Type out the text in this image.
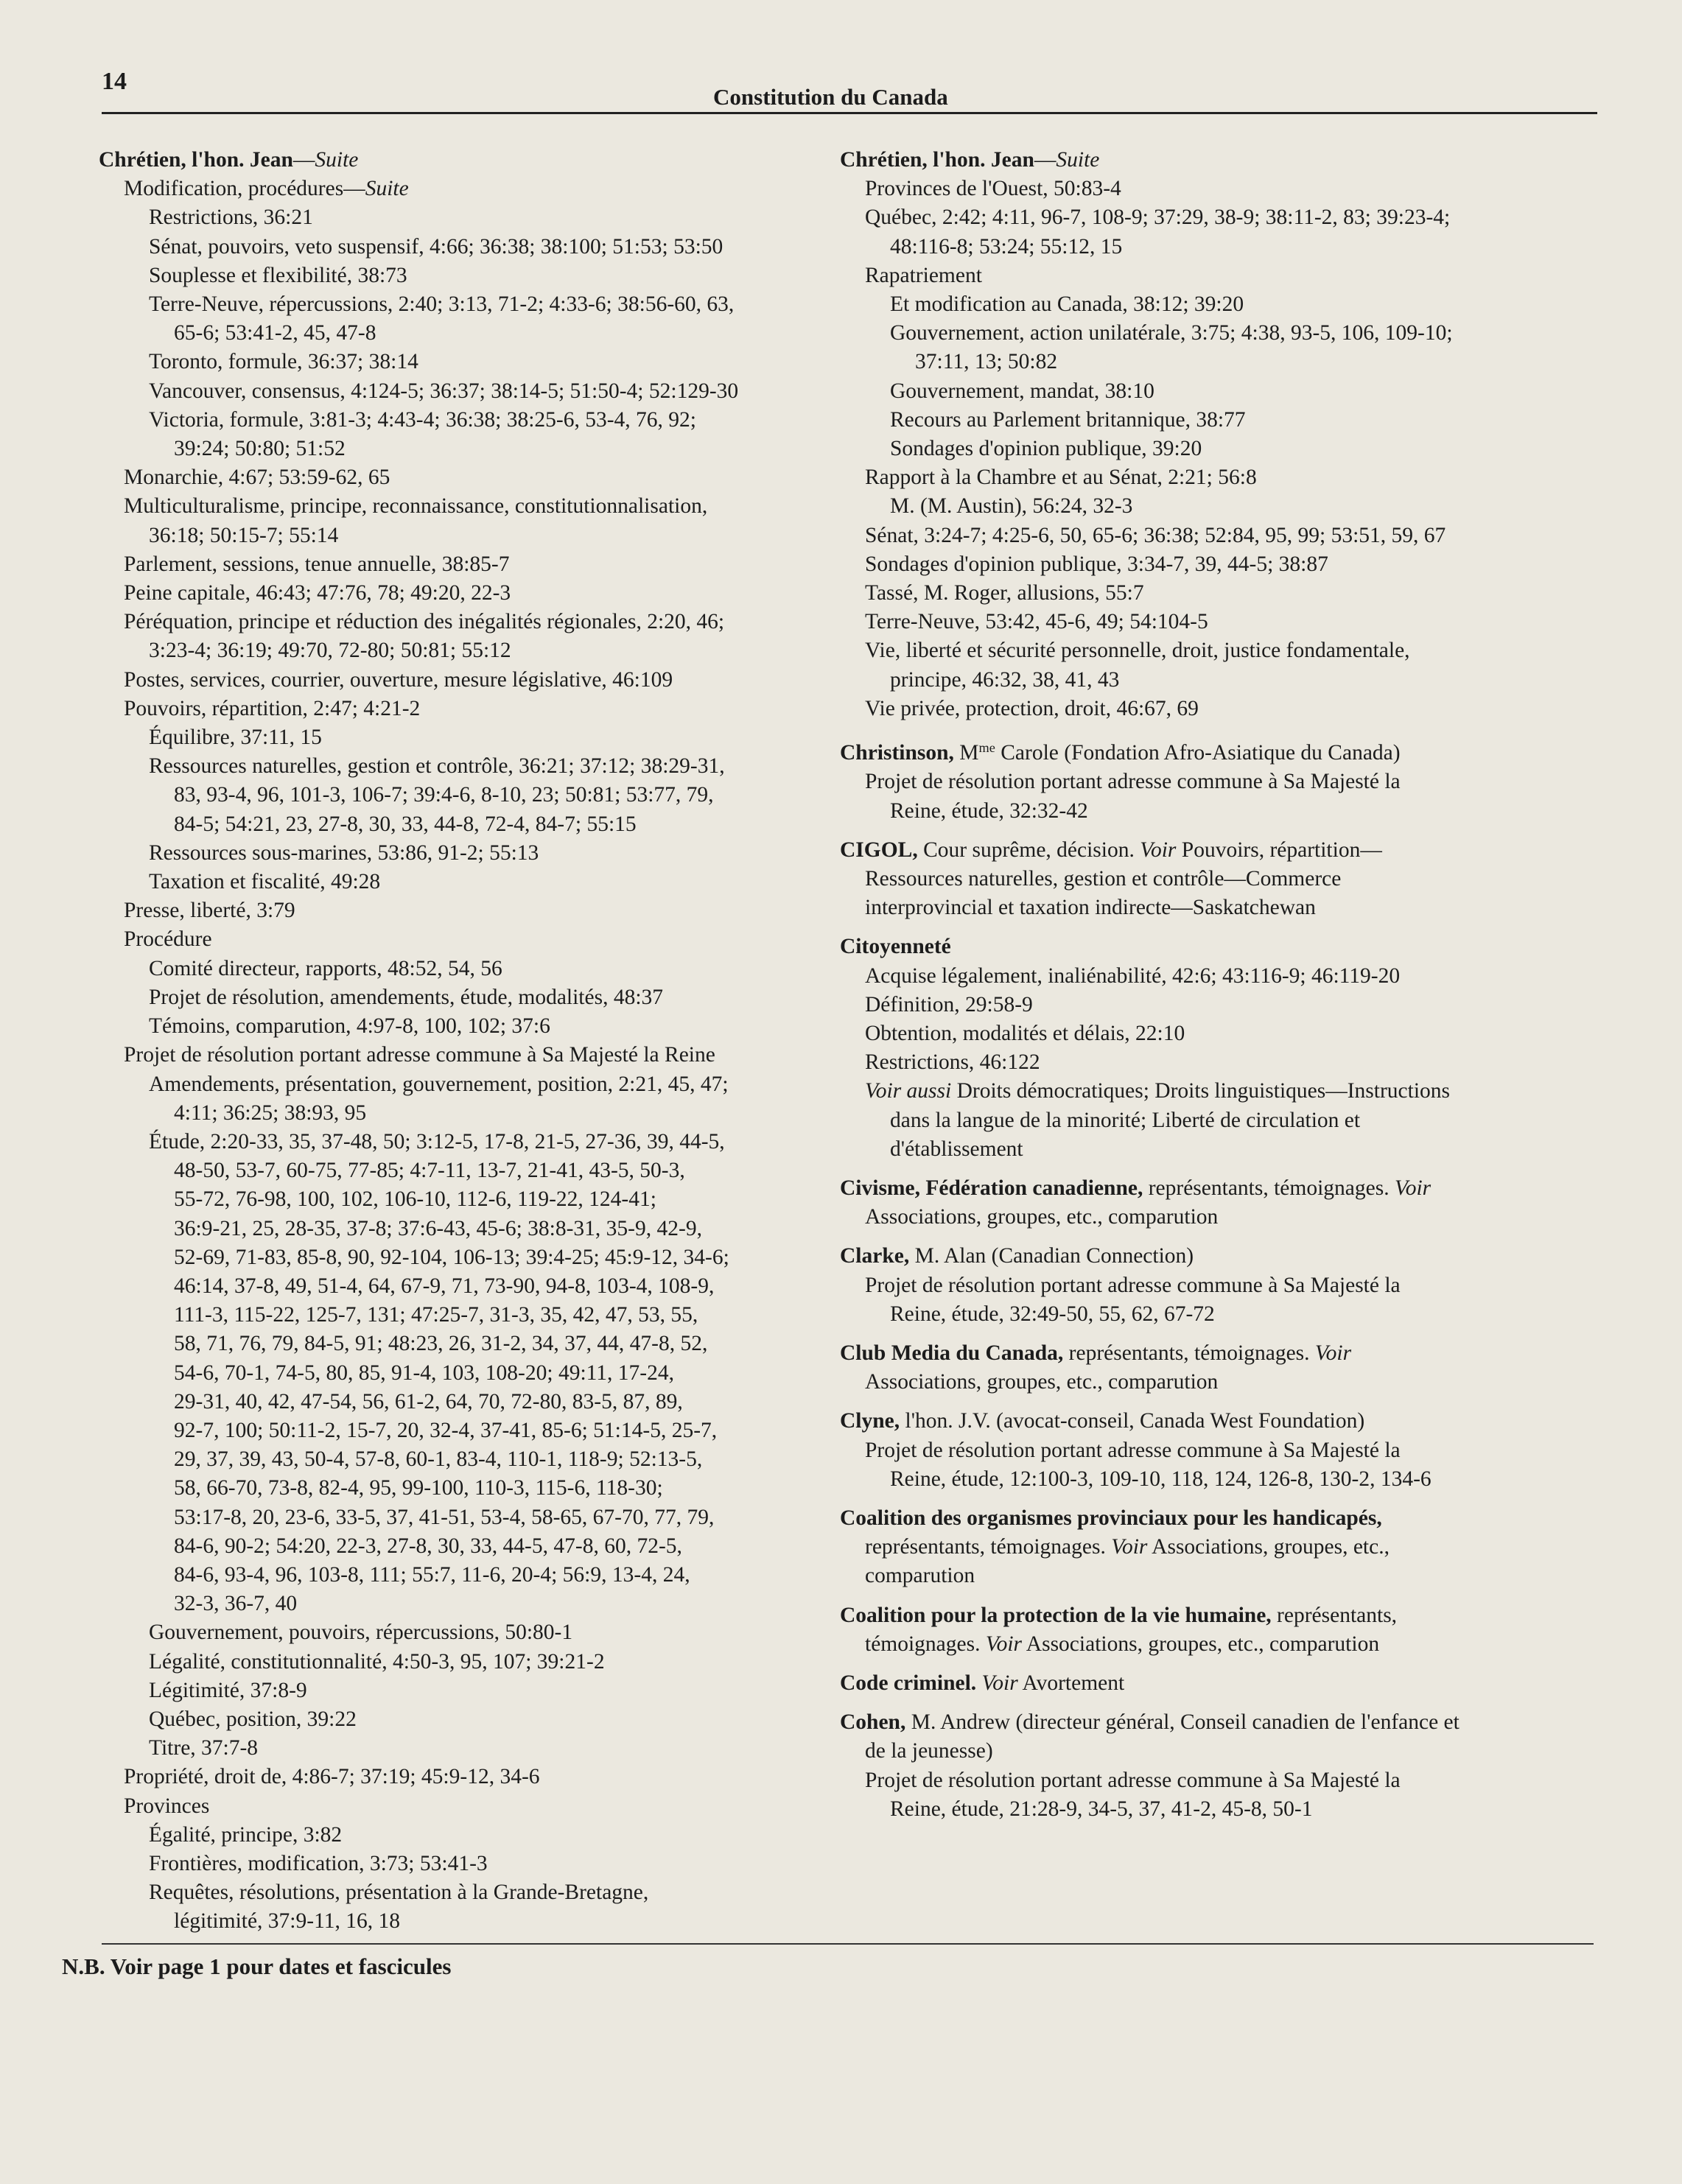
14
Constitution du Canada
Chrétien, l'hon. Jean—Suite
Modification, procédures—Suite
Restrictions, 36:21
Sénat, pouvoirs, veto suspensif, 4:66; 36:38; 38:100; 51:53; 53:50
Souplesse et flexibilité, 38:73
Terre-Neuve, répercussions, 2:40; 3:13, 71-2; 4:33-6; 38:56-60, 63,
65-6; 53:41-2, 45, 47-8
Toronto, formule, 36:37; 38:14
Vancouver, consensus, 4:124-5; 36:37; 38:14-5; 51:50-4; 52:129-30
Victoria, formule, 3:81-3; 4:43-4; 36:38; 38:25-6, 53-4, 76, 92;
39:24; 50:80; 51:52
Monarchie, 4:67; 53:59-62, 65
Multiculturalisme, principe, reconnaissance, constitutionnalisation,
36:18; 50:15-7; 55:14
Parlement, sessions, tenue annuelle, 38:85-7
Peine capitale, 46:43; 47:76, 78; 49:20, 22-3
Péréquation, principe et réduction des inégalités régionales, 2:20, 46;
3:23-4; 36:19; 49:70, 72-80; 50:81; 55:12
Postes, services, courrier, ouverture, mesure législative, 46:109
Pouvoirs, répartition, 2:47; 4:21-2
Équilibre, 37:11, 15
Ressources naturelles, gestion et contrôle, 36:21; 37:12; 38:29-31,
83, 93-4, 96, 101-3, 106-7; 39:4-6, 8-10, 23; 50:81; 53:77, 79,
84-5; 54:21, 23, 27-8, 30, 33, 44-8, 72-4, 84-7; 55:15
Ressources sous-marines, 53:86, 91-2; 55:13
Taxation et fiscalité, 49:28
Presse, liberté, 3:79
Procédure
Comité directeur, rapports, 48:52, 54, 56
Projet de résolution, amendements, étude, modalités, 48:37
Témoins, comparution, 4:97-8, 100, 102; 37:6
Projet de résolution portant adresse commune à Sa Majesté la Reine
Amendements, présentation, gouvernement, position, 2:21, 45, 47;
4:11; 36:25; 38:93, 95
Étude, 2:20-33, 35, 37-48, 50; 3:12-5, 17-8, 21-5, 27-36, 39, 44-5,
48-50, 53-7, 60-75, 77-85; 4:7-11, 13-7, 21-41, 43-5, 50-3,
55-72, 76-98, 100, 102, 106-10, 112-6, 119-22, 124-41;
36:9-21, 25, 28-35, 37-8; 37:6-43, 45-6; 38:8-31, 35-9, 42-9,
52-69, 71-83, 85-8, 90, 92-104, 106-13; 39:4-25; 45:9-12, 34-6;
46:14, 37-8, 49, 51-4, 64, 67-9, 71, 73-90, 94-8, 103-4, 108-9,
111-3, 115-22, 125-7, 131; 47:25-7, 31-3, 35, 42, 47, 53, 55,
58, 71, 76, 79, 84-5, 91; 48:23, 26, 31-2, 34, 37, 44, 47-8, 52,
54-6, 70-1, 74-5, 80, 85, 91-4, 103, 108-20; 49:11, 17-24,
29-31, 40, 42, 47-54, 56, 61-2, 64, 70, 72-80, 83-5, 87, 89,
92-7, 100; 50:11-2, 15-7, 20, 32-4, 37-41, 85-6; 51:14-5, 25-7,
29, 37, 39, 43, 50-4, 57-8, 60-1, 83-4, 110-1, 118-9; 52:13-5,
58, 66-70, 73-8, 82-4, 95, 99-100, 110-3, 115-6, 118-30;
53:17-8, 20, 23-6, 33-5, 37, 41-51, 53-4, 58-65, 67-70, 77, 79,
84-6, 90-2; 54:20, 22-3, 27-8, 30, 33, 44-5, 47-8, 60, 72-5,
84-6, 93-4, 96, 103-8, 111; 55:7, 11-6, 20-4; 56:9, 13-4, 24,
32-3, 36-7, 40
Gouvernement, pouvoirs, répercussions, 50:80-1
Légalité, constitutionnalité, 4:50-3, 95, 107; 39:21-2
Légitimité, 37:8-9
Québec, position, 39:22
Titre, 37:7-8
Propriété, droit de, 4:86-7; 37:19; 45:9-12, 34-6
Provinces
Égalité, principe, 3:82
Frontières, modification, 3:73; 53:41-3
Requêtes, résolutions, présentation à la Grande-Bretagne,
légitimité, 37:9-11, 16, 18
Chrétien, l'hon. Jean—Suite
Provinces de l'Ouest, 50:83-4
Québec, 2:42; 4:11, 96-7, 108-9; 37:29, 38-9; 38:11-2, 83; 39:23-4;
48:116-8; 53:24; 55:12, 15
Rapatriement
Et modification au Canada, 38:12; 39:20
Gouvernement, action unilatérale, 3:75; 4:38, 93-5, 106, 109-10;
37:11, 13; 50:82
Gouvernement, mandat, 38:10
Recours au Parlement britannique, 38:77
Sondages d'opinion publique, 39:20
Rapport à la Chambre et au Sénat, 2:21; 56:8
M. (M. Austin), 56:24, 32-3
Sénat, 3:24-7; 4:25-6, 50, 65-6; 36:38; 52:84, 95, 99; 53:51, 59, 67
Sondages d'opinion publique, 3:34-7, 39, 44-5; 38:87
Tassé, M. Roger, allusions, 55:7
Terre-Neuve, 53:42, 45-6, 49; 54:104-5
Vie, liberté et sécurité personnelle, droit, justice fondamentale,
principe, 46:32, 38, 41, 43
Vie privée, protection, droit, 46:67, 69
Christinson, $M^{me}$ Carole (Fondation Afro-Asiatique du Canada)
Projet de résolution portant adresse commune à Sa Majesté la
Reine, étude, 32:32-42
CIGOL, Cour suprême, décision. Voir Pouvoirs, répartition—
Ressources naturelles, gestion et contrôle—Commerce
interprovincial et taxation indirecte—Saskatchewan
Citoyenneté
Acquise légalement, inaliénabilité, 42:6; 43:116-9; 46:119-20
Définition, 29:58-9
Obtention, modalités et délais, 22:10
Restrictions, 46:122
Voir aussi Droits démocratiques; Droits linguistiques—Instructions
dans la langue de la minorité; Liberté de circulation et
d'établissement
Civisme, Fédération canadienne, représentants, témoignages. Voir
Associations, groupes, etc., comparution
Clarke, M. Alan (Canadian Connection)
Projet de résolution portant adresse commune à Sa Majesté la
Reine, étude, 32:49-50, 55, 62, 67-72
Club Media du Canada, représentants, témoignages. Voir
Associations, groupes, etc., comparution
Clyne, l'hon. J.V. (avocat-conseil, Canada West Foundation)
Projet de résolution portant adresse commune à Sa Majesté la
Reine, étude, 12:100-3, 109-10, 118, 124, 126-8, 130-2, 134-6
Coalition des organismes provinciaux pour les handicapés,
représentants, témoignages. Voir Associations, groupes, etc.,
comparution
Coalition pour la protection de la vie humaine, représentants,
témoignages. Voir Associations, groupes, etc., comparution
Code criminel. Voir Avortement
Cohen, M. Andrew (directeur général, Conseil canadien de l'enfance et
de la jeunesse)
Projet de résolution portant adresse commune à Sa Majesté la
Reine, étude, 21:28-9, 34-5, 37, 41-2, 45-8, 50-1
N.B. Voir page 1 pour dates et fascicules
